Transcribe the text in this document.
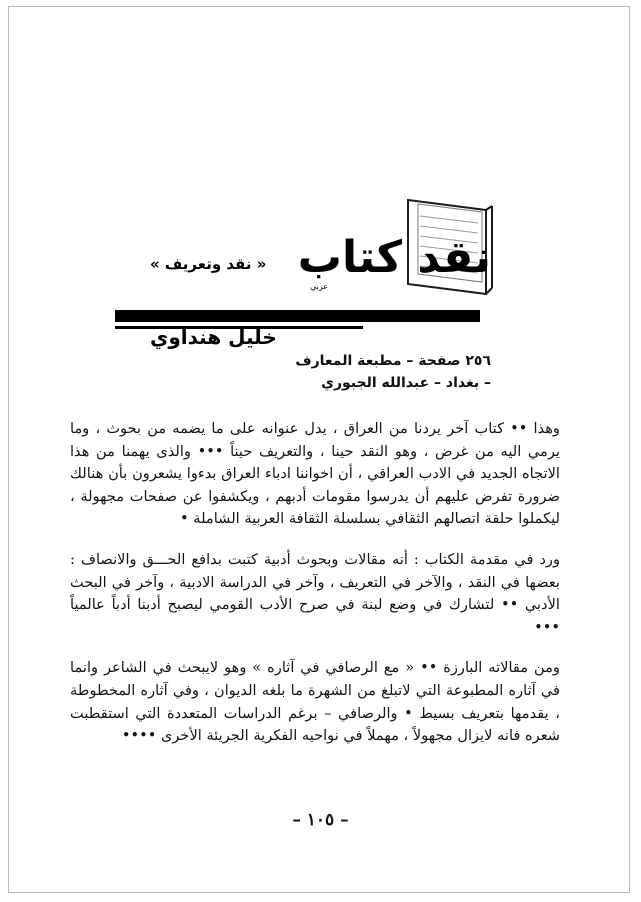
نقد كتاب
عربي
« نقد وتعريف »
خليل هنداوي
٢٥٦ صفحة – مطبعة المعارف
– بغداد – عبدالله الجبوري

وهذا •• كتاب آخر يردنا من العراق ، يدل عنوانه على ما يضمه من بحوث ، وما يرمي اليه من غرض ، وهو النقد حينا ، والتعريف حيناً ••• والذى يهمنا من هذا الاتجاه الجديد في الادب العراقي ، أن اخواننا ادباء العراق بدءوا يشعرون بأن هنالك ضرورة تفرض عليهم أن يدرسوا مقومات أدبهم ، ويكشفوا عن صفحات مجهولة ، ليكملوا حلقة اتصالهم الثقافي بسلسلة الثقافة العربية الشاملة •

ورد في مقدمة الكتاب : أنه مقالات وبحوث أدبية كتبت بدافع الحـــق والانصاف : بعضها في النقد ، والآخر في التعريف ، وآخر في الدراسة الادبية ، وآخر في البحث الأدبي •• لتشارك في وضع لبنة في صرح الأدب القومي ليصبح أدبنا أدباً عالمياً •••

ومن مقالاته البارزة •• « مع الرصافي في آثاره » وهو لايبحث في الشاعر وانما في آثاره المطبوعة التي لاتبلغ من الشهرة ما بلغه الديوان ، وفي آثاره المخطوطة ، يقدمها بتعريف بسيط • والرصافي – برغم الدراسات المتعددة التي استقطبت شعره فانه لايزال مجهولاً ، مهملاً في نواحيه الفكرية الجريئة الأخرى ••••

– ١٠٥ –
